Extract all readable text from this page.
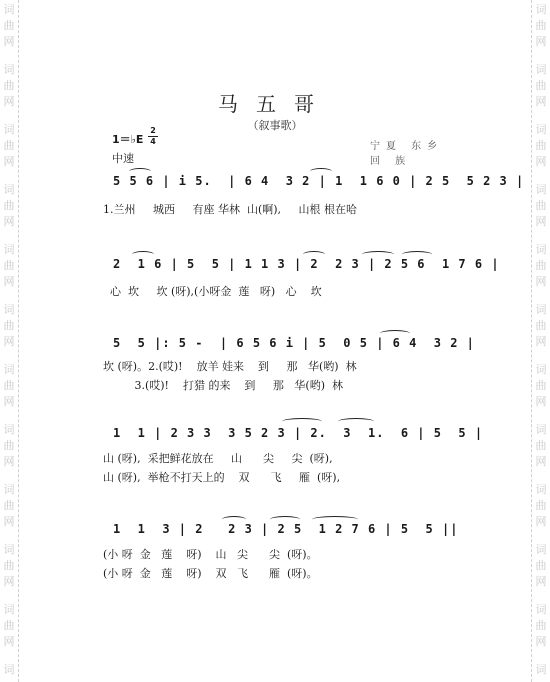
词
曲
网
词
曲
网
词
曲
网
词
曲
网
词
曲
网
词
曲
网
词
曲
网
词
曲
网
词
曲
网
词
曲
网
词
曲
网
词
词
曲
网
词
曲
网
词
曲
网
词
曲
网
词
曲
网
词
曲
网
词
曲
网
词
曲
网
词
曲
网
词
曲
网
词
曲
网
词
马五哥
（叙事歌）
1＝♭E
2
4
中速
宁夏 东乡
回 族
5 5 6 | i 5.  | 6 4  3 2 | 1  1 6 0 | 2 5  5 2 3 |
1.兰州     城西     有座 华林  山(啊),     山根 根在哈
2  1 6 | 5  5 | 1 1 3 | 2  2 3 | 2 5 6  1 7 6 |
心  坎     坎 (呀),(小呀金  莲   呀)   心    坎
5  5 |: 5 -  | 6 5 6 i | 5  0 5 | 6 4  3 2 |
坎 (呀)。2.(哎)!    放羊 娃来    到     那   华(哟)  林
3.(哎)!    打猎 的来    到     那   华(哟)  林
1  1 | 2 3 3  3 5 2 3 | 2.  3  1.  6 | 5  5 |
山 (呀),  采把鲜花放在     山      尖     尖  (呀),
山 (呀),  举枪不打天上的    双      飞     雁  (呀),
1  1  3 | 2   2 3 | 2 5  1 2 7 6 | 5  5 ||
(小 呀  金   莲    呀)    山   尖      尖  (呀)。
(小 呀  金   莲    呀)    双   飞      雁  (呀)。
